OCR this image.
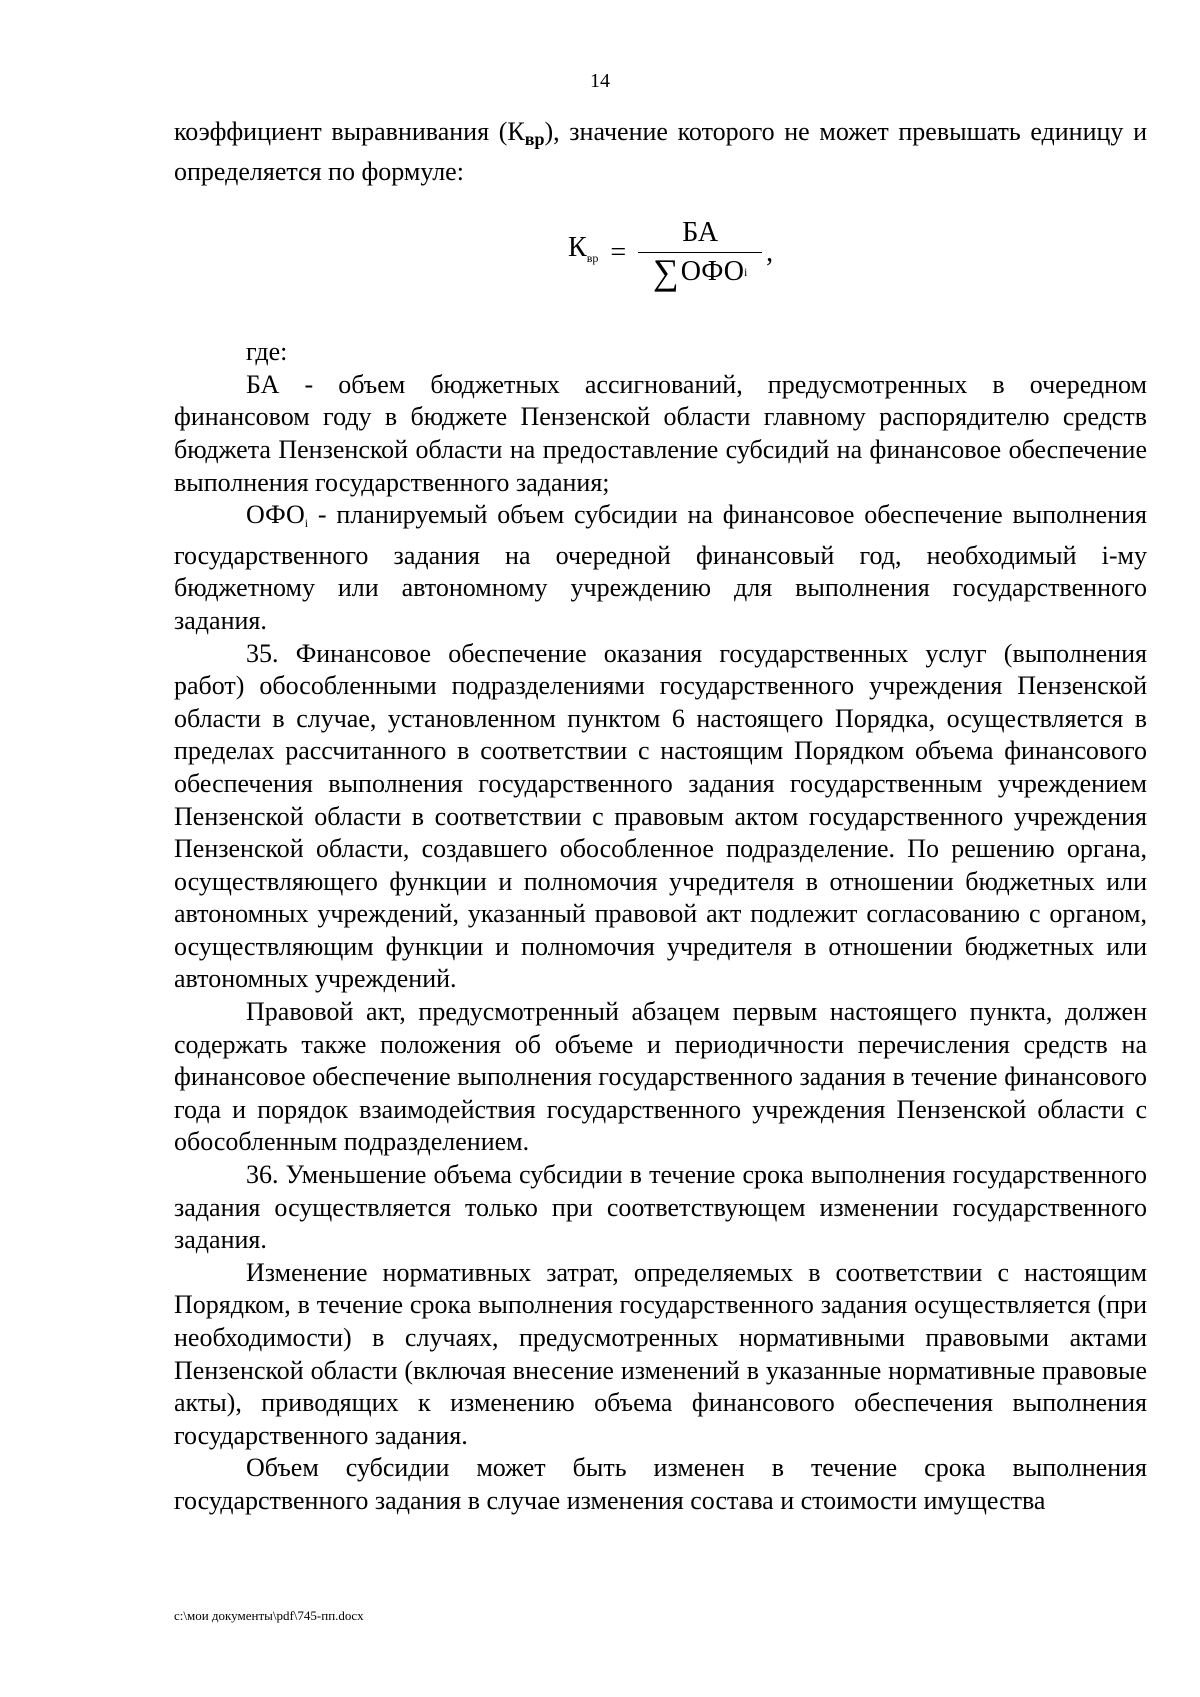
14

коэффициент выравнивания (Квр), значение которого не может превышать единицу и определяется по формуле:

$К_{вр} = \frac{БА}{\text{∑ ОФО i}}$ ,

где:

БА - объем бюджетных ассигнований, предусмотренных в очередном финансовом году в бюджете Пензенской области главному распорядителю средств бюджета Пензенской области на предоставление субсидий на финансовое обеспечение выполнения государственного задания;

ОФОi - планируемый объем субсидии на финансовое обеспечение выполнения государственного задания на очередной финансовый год, необходимый i-му бюджетному или автономному учреждению для выполнения государственного задания.

35. Финансовое обеспечение оказания государственных услуг (выполнения работ) обособленными подразделениями государственного учреждения Пензенской области в случае, установленном пунктом 6 настоящего Порядка, осуществляется в пределах рассчитанного в соответствии с настоящим Порядком объема финансового обеспечения выполнения государственного задания государственным учреждением Пензенской области в соответствии с правовым актом государственного учреждения Пензенской области, создавшего обособленное подразделение. По решению органа, осуществляющего функции и полномочия учредителя в отношении бюджетных или автономных учреждений, указанный правовой акт подлежит согласованию с органом, осуществляющим функции и полномочия учредителя в отношении бюджетных или автономных учреждений.

Правовой акт, предусмотренный абзацем первым настоящего пункта, должен содержать также положения об объеме и периодичности перечисления средств на финансовое обеспечение выполнения государственного задания в течение финансового года и порядок взаимодействия государственного учреждения Пензенской области с обособленным подразделением.

36. Уменьшение объема субсидии в течение срока выполнения государственного задания осуществляется только при соответствующем изменении государственного задания.

Изменение нормативных затрат, определяемых в соответствии с настоящим Порядком, в течение срока выполнения государственного задания осуществляется (при необходимости) в случаях, предусмотренных нормативными правовыми актами Пензенской области (включая внесение изменений в указанные нормативные правовые акты), приводящих к изменению объема финансового обеспечения выполнения государственного задания.

Объем субсидии может быть изменен в течение срока выполнения государственного задания в случае изменения состава и стоимости имущества

c:\мои документы\pdf\745-пп.docx
